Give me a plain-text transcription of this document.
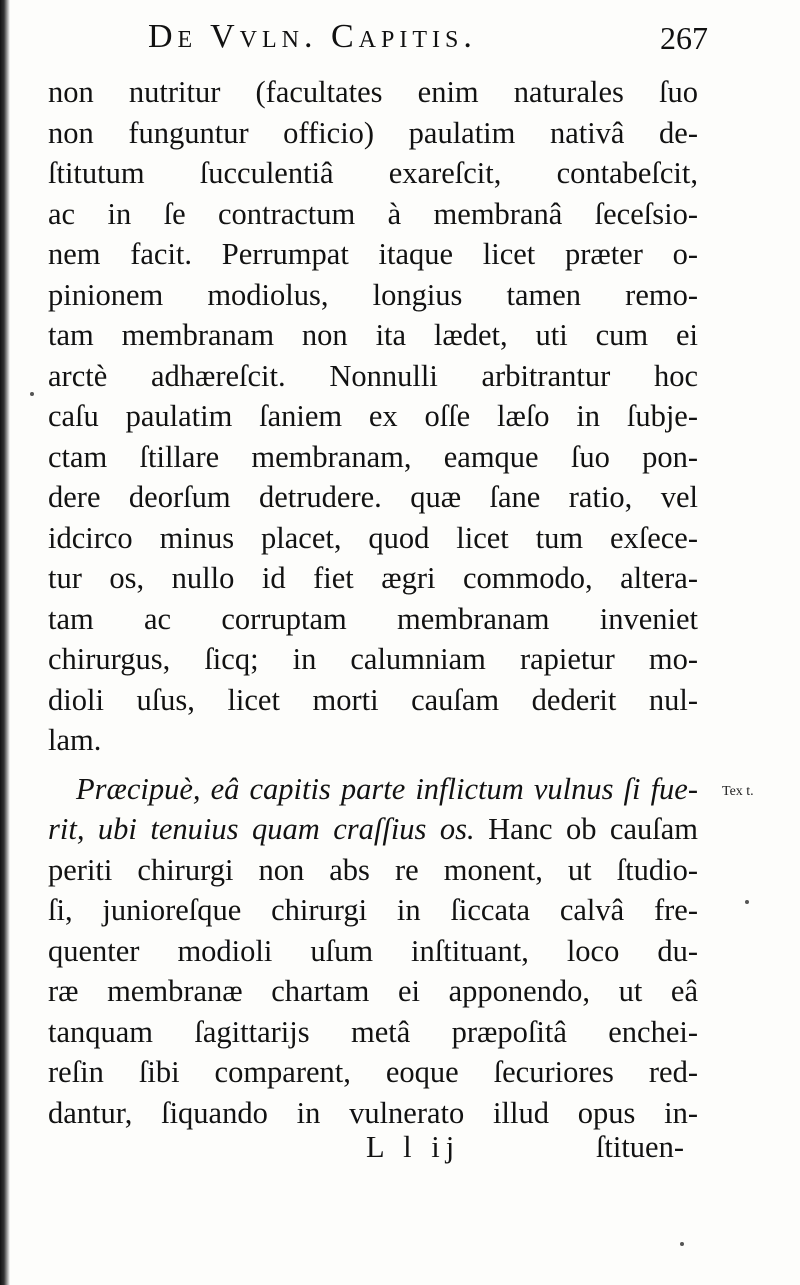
De Vvln. Capitis.	267
non nutritur (facultates enim naturales ſuo
non funguntur officio) paulatim nativâ de-
ſtitutum ſucculentiâ exareſcit, contabeſcit,
ac in ſe contractum à membranâ ſeceſsio-
nem facit. Perrumpat itaque licet præter o-
pinionem modiolus, longius tamen remo-
tam membranam non ita lædet, uti cum ei
arctè adhæreſcit. Nonnulli arbitrantur hoc
caſu paulatim ſaniem ex oſſe læſo in ſubje-
ctam ſtillare membranam, eamque ſuo pon-
dere deorſum detrudere. quæ ſane ratio, vel
idcirco minus placet, quod licet tum exſece-
tur os, nullo id fiet ægri commodo, altera-
tam ac corruptam membranam inveniet
chirurgus, ſicq; in calumniam rapietur mo-
dioli uſus, licet morti cauſam dederit nul-
lam.
Præcipuè, eâ capitis parte inflictum vulnus ſi fue-
rit, ubi tenuius quam craſſius os. Hanc ob cauſam
periti chirurgi non abs re monent, ut ſtudio-
ſi, junioreſque chirurgi in ſiccata calvâ fre-
quenter modioli uſum inſtituant, loco du-
ræ membranæ chartam ei apponendo, ut eâ
tanquam ſagittarijs metâ præpoſitâ enchei-
reſin ſibi comparent, eoque ſecuriores red-
dantur, ſiquando in vulnerato illud opus in-
Tex t.
L l ij	ſtituen-
